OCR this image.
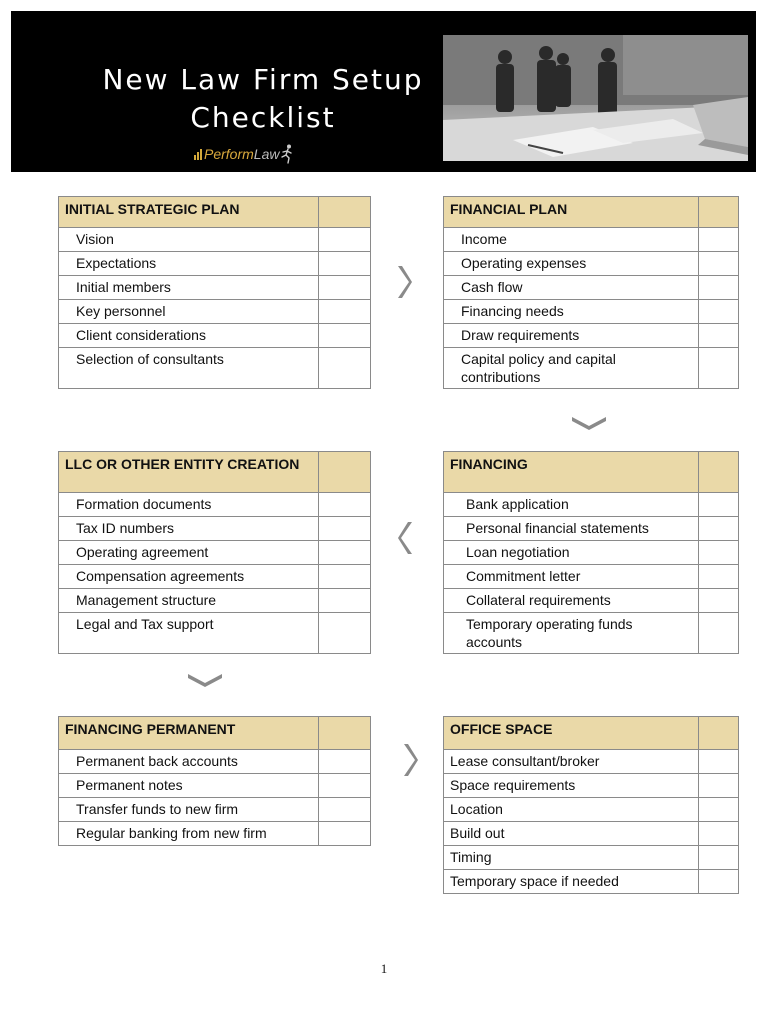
New Law Firm Setup
Checklist
PerformLaw
INITIAL STRATEGIC PLAN	
Vision	
Expectations	
Initial members	
Key personnel	
Client considerations	
Selection of consultants	
FINANCIAL PLAN	
Income	
Operating expenses	
Cash flow	
Financing needs	
Draw requirements	
Capital policy and capital contributions	
LLC OR OTHER ENTITY CREATION	
Formation documents	
Tax ID numbers	
Operating agreement	
Compensation agreements	
Management structure	
Legal and Tax support	
FINANCING	
Bank application	
Personal financial statements	
Loan negotiation	
Commitment letter	
Collateral requirements	
Temporary operating funds accounts	
FINANCING PERMANENT	
Permanent back accounts	
Permanent notes	
Transfer funds to new firm	
Regular banking from new firm	
OFFICE SPACE	
Lease consultant/broker	
Space requirements	
Location	
Build out	
Timing	
Temporary space if needed	
1
